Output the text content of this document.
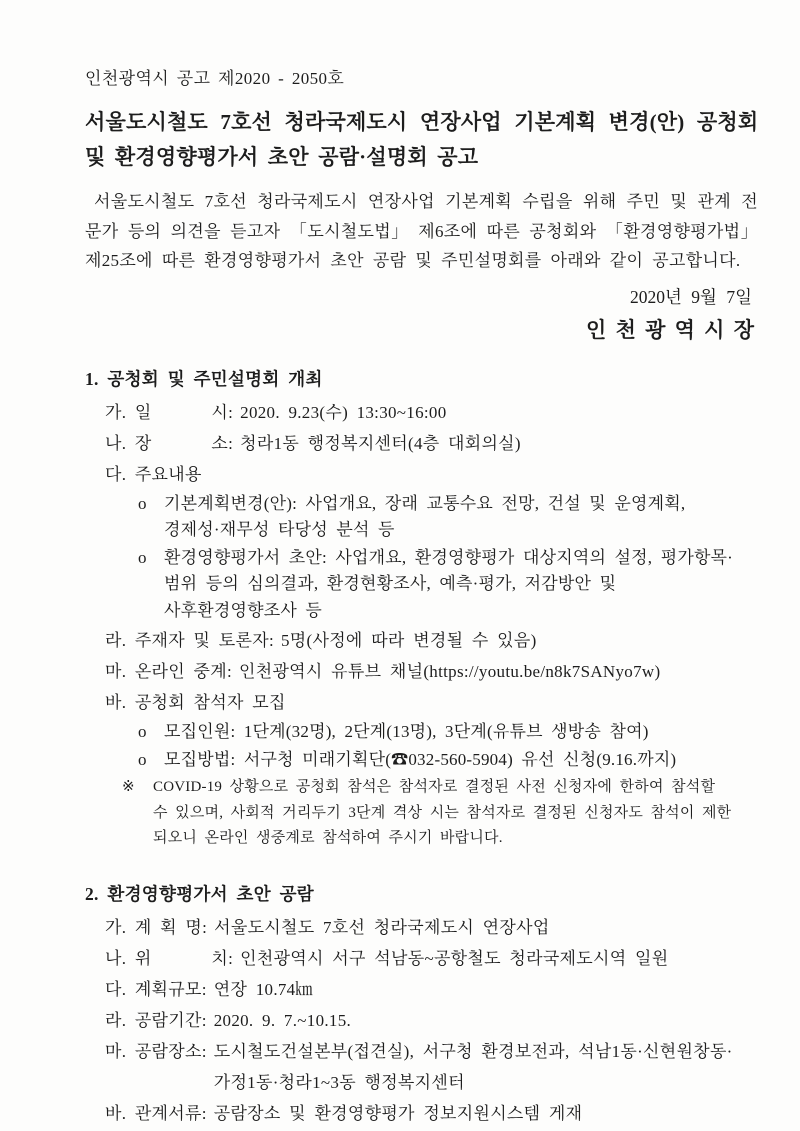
인천광역시 공고 제2020 - 2050호
서울도시철도 7호선 청라국제도시 연장사업 기본계획 변경(안) 공청회
및 환경영향평가서 초안 공람·설명회 공고

서울도시철도 7호선 청라국제도시 연장사업 기본계획 수립을 위해 주민 및 관계 전문가 등의 의견을 듣고자 「도시철도법」 제6조에 따른 공청회와 「환경영향평가법」 제25조에 따른 환경영향평가서 초안 공람 및 주민설명회를 아래와 같이 공고합니다.

2020년 9월 7일
인 천 광 역 시 장
1. 공청회 및 주민설명회 개최
가. 일       시: 2020. 9.23(수) 13:30~16:00
나. 장       소: 청라1동 행정복지센터(4층 대회의실)
다. 주요내용
o	기본계획변경(안): 사업개요, 장래 교통수요 전망, 건설 및 운영계획,
경제성·재무성 타당성 분석 등
o	환경영향평가서 초안: 사업개요, 환경영향평가 대상지역의 설정, 평가항목·
범위 등의 심의결과, 환경현황조사, 예측·평가, 저감방안 및
사후환경영향조사 등
라. 주재자 및 토론자: 5명(사정에 따라 변경될 수 있음)
마. 온라인 중계: 인천광역시 유튜브 채널(https://youtu.be/n8k7SANyo7w)
바. 공청회 참석자 모집
o	모집인원: 1단계(32명), 2단계(13명), 3단계(유튜브 생방송 참여)
o	모집방법: 서구청 미래기획단(☎032-560-5904) 유선 신청(9.16.까지)
※	COVID-19 상황으로 공청회 참석은 참석자로 결정된 사전 신청자에 한하여 참석할
수 있으며, 사회적 거리두기 3단계 격상 시는 참석자로 결정된 신청자도 참석이 제한
되오니 온라인 생중계로 참석하여 주시기 바랍니다.
2. 환경영향평가서 초안 공람
가. 계 획 명: 서울도시철도 7호선 청라국제도시 연장사업
나. 위       치: 인천광역시 서구 석남동~공항철도 청라국제도시역 일원
다. 계획규모: 연장 10.74㎞
라. 공람기간: 2020. 9. 7.~10.15.
마. 공람장소: 도시철도건설본부(접견실), 서구청 환경보전과, 석남1동·신현원창동·
가정1동·청라1~3동 행정복지센터
바. 관계서류: 공람장소 및 환경영향평가 정보지원시스템 게재
